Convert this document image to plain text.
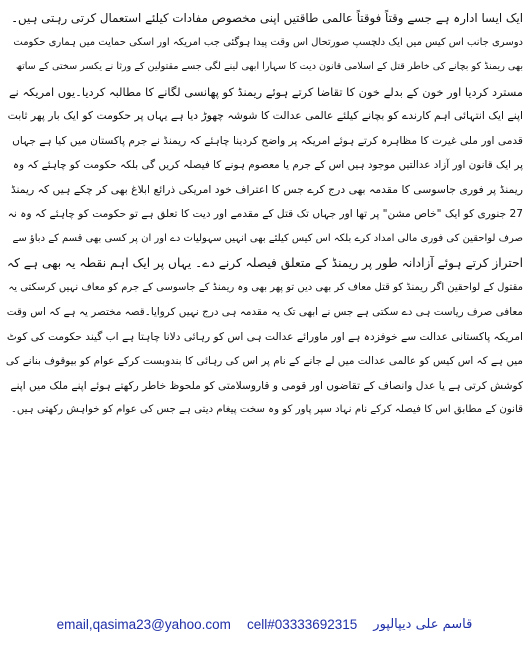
ایک ایسا ادارہ ہے جسے وقتاً فوقتاً عالمی طاقتیں اپنی مخصوص مفادات کیلئے استعمال کرتی رہتی ہیں۔
دوسری جانب اس کیس میں ایک دلچسپ صورتحال اس وقت پیدا ہوگئی جب امریکہ اور اسکی حمایت میں ہماری حکومت
بھی ریمنڈ کو بچانے کی خاطر قتل کے اسلامی قانون دیت کا سہارا ابھی لینے لگی جسے مقتولین کے ورثا نے یکسر سختی کے ساتھ
مسترد کردیا اور خون کے بدلے خون کا تقاضا کرتے ہوئے ریمنڈ کو پھانسی لگانے کا مطالبہ کردیا۔یوں امریکہ نے
اپنے ایک انتہائی اہم کارندے کو بچانے کیلئے عالمی عدالت کا شوشہ چھوڑ دیا ہے یہاں پر حکومت کو ایک بار پھر ثابت
قدمی اور ملی غیرت کا مظاہرہ کرتے ہوئے امریکہ پر واضح کردینا چاہئے کہ ریمنڈ نے جرم پاکستان میں کیا ہے جہاں
پر ایک قانون اور آزاد عدالتیں موجود ہیں اس کے جرم یا معصوم ہونے کا فیصلہ کریں گی بلکہ حکومت کو چاہئے کہ وہ
ریمنڈ پر فوری جاسوسی کا مقدمہ بھی درج کرے جس کا اعتراف خود امریکی ذرائع ابلاغ بھی کر چکے ہیں کہ ریمنڈ
27 جنوری کو ایک "خاص مشن" پر تھا اور جہاں تک قتل کے مقدمے اور دیت کا تعلق ہے تو حکومت کو چاہئے کہ وہ نہ
صرف لواحقین کی فوری مالی امداد کرے بلکہ اس کیس کیلئے بھی انہیں سہولیات دے اور ان پر کسی بھی قسم کے دباؤ سے
احتراز کرتے ہوئے آزادانہ طور پر ریمنڈ کے متعلق فیصلہ کرنے دے۔ یہاں پر ایک اہم نقطہ یہ بھی ہے کہ
مقتول کے لواحقین اگر ریمنڈ کو قتل معاف کر بھی دیں تو پھر بھی وہ ریمنڈ کے جاسوسی کے جرم کو معاف نہیں کرسکتی یہ
معافی صرف ریاست ہی دے سکتی ہے جس نے ابھی تک یہ مقدمہ ہی درج نہیں کروایا۔قصہ مختصر یہ ہے کہ اس وقت
امریکہ پاکستانی عدالت سے خوفزدہ ہے اور ماورائے عدالت ہی اس کو رہائی دلانا چاہتا ہے اب گیند حکومت کی کوٹ
میں ہے کہ اس کیس کو عالمی عدالت میں لے جانے کے نام پر اس کی رہائی کا بندوبست کرکے عوام کو بیوقوف بنانے کی
کوشش کرتی ہے یا عدل وانصاف کے تقاضوں اور قومی و قاروسلامتی کو ملحوظ خاطر رکھتے ہوئے اپنے ملک میں اپنے
قانون کے مطابق اس کا فیصلہ کرکے نام نہاد سپر پاور کو وہ سخت پیغام دیتی ہے جس کی عوام کو خواہش رکھتی ہیں۔
email,qasima23@yahoo.com cell#03333692315 قاسم علی دیپالپور
